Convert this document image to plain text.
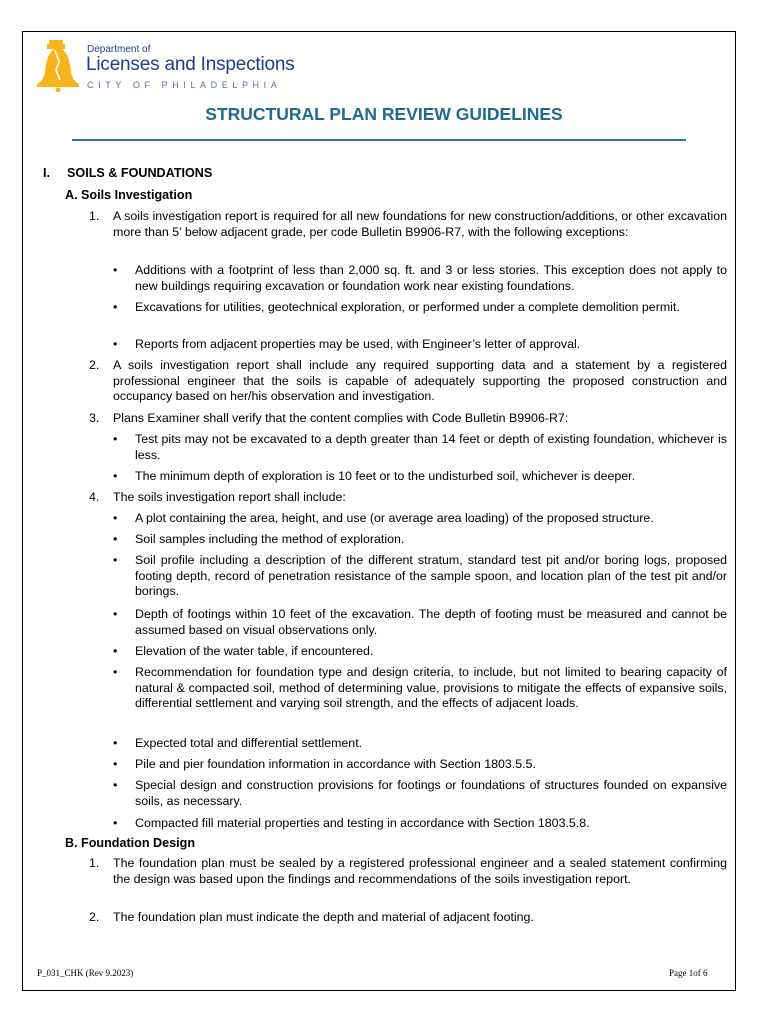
Department of
Licenses and Inspections
CITY OF PHILADELPHIA
STRUCTURAL PLAN REVIEW GUIDELINES
I. SOILS & FOUNDATIONS
A. Soils Investigation
1. A soils investigation report is required for all new foundations for new construction/additions, or other excavation more than 5’ below adjacent grade, per code Bulletin B9906-R7, with the following exceptions:
• Additions with a footprint of less than 2,000 sq. ft. and 3 or less stories. This exception does not apply to new buildings requiring excavation or foundation work near existing foundations.
• Excavations for utilities, geotechnical exploration, or performed under a complete demolition permit.
• Reports from adjacent properties may be used, with Engineer’s letter of approval.
2. A soils investigation report shall include any required supporting data and a statement by a registered professional engineer that the soils is capable of adequately supporting the proposed construction and occupancy based on her/his observation and investigation.
3. Plans Examiner shall verify that the content complies with Code Bulletin B9906-R7:
• Test pits may not be excavated to a depth greater than 14 feet or depth of existing foundation, whichever is less.
• The minimum depth of exploration is 10 feet or to the undisturbed soil, whichever is deeper.
4. The soils investigation report shall include:
• A plot containing the area, height, and use (or average area loading) of the proposed structure.
• Soil samples including the method of exploration.
• Soil profile including a description of the different stratum, standard test pit and/or boring logs, proposed footing depth, record of penetration resistance of the sample spoon, and location plan of the test pit and/or borings.
• Depth of footings within 10 feet of the excavation. The depth of footing must be measured and cannot be assumed based on visual observations only.
• Elevation of the water table, if encountered.
• Recommendation for foundation type and design criteria, to include, but not limited to bearing capacity of natural & compacted soil, method of determining value, provisions to mitigate the effects of expansive soils, differential settlement and varying soil strength, and the effects of adjacent loads.
• Expected total and differential settlement.
• Pile and pier foundation information in accordance with Section 1803.5.5.
• Special design and construction provisions for footings or foundations of structures founded on expansive soils, as necessary.
• Compacted fill material properties and testing in accordance with Section 1803.5.8.
B. Foundation Design
1. The foundation plan must be sealed by a registered professional engineer and a sealed statement confirming the design was based upon the findings and recommendations of the soils investigation report.
2. The foundation plan must indicate the depth and material of adjacent footing.
P_031_CHK (Rev 9.2023)	Page 1of 6
